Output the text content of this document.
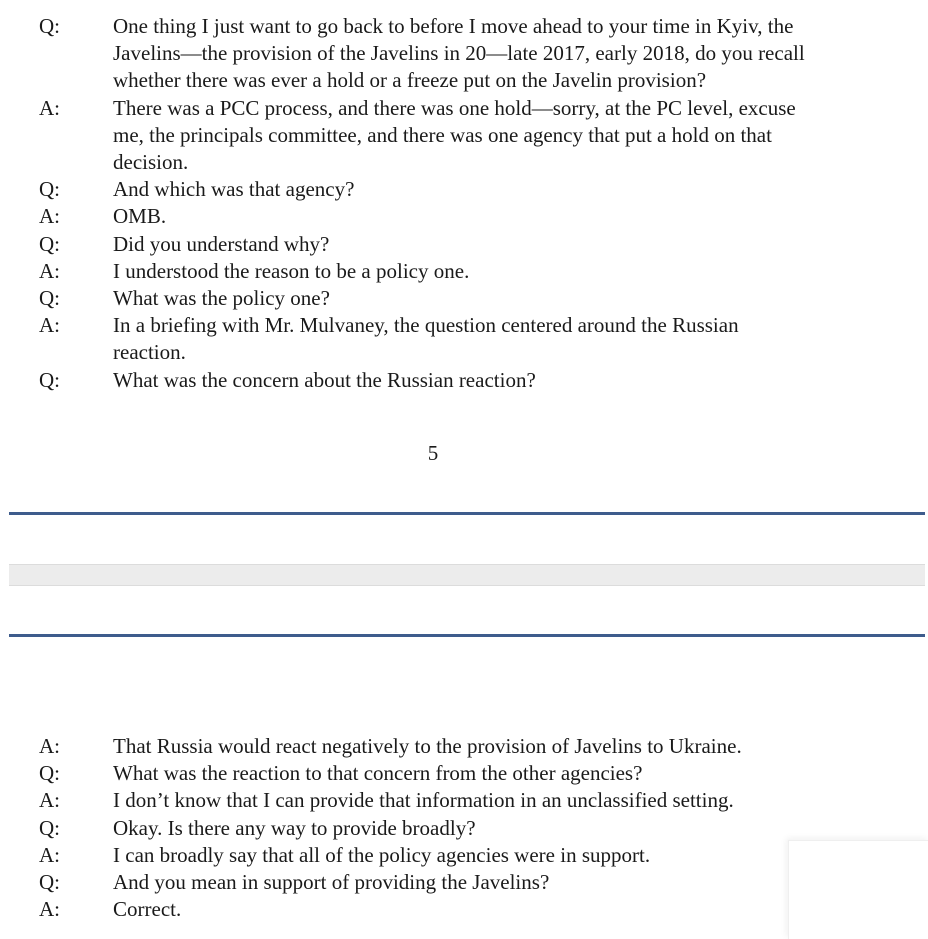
Q:	One thing I just want to go back to before I move ahead to your time in Kyiv, the
Javelins—the provision of the Javelins in 20—late 2017, early 2018, do you recall
whether there was ever a hold or a freeze put on the Javelin provision?
A:	There was a PCC process, and there was one hold—sorry, at the PC level, excuse
me, the principals committee, and there was one agency that put a hold on that
decision.
Q:	And which was that agency?
A:	OMB.
Q:	Did you understand why?
A:	I understood the reason to be a policy one.
Q:	What was the policy one?
A:	In a briefing with Mr. Mulvaney, the question centered around the Russian
reaction.
Q:	What was the concern about the Russian reaction?
5
A:	That Russia would react negatively to the provision of Javelins to Ukraine.
Q:	What was the reaction to that concern from the other agencies?
A:	I don’t know that I can provide that information in an unclassified setting.
Q:	Okay. Is there any way to provide broadly?
A:	I can broadly say that all of the policy agencies were in support.
Q:	And you mean in support of providing the Javelins?
A:	Correct.
